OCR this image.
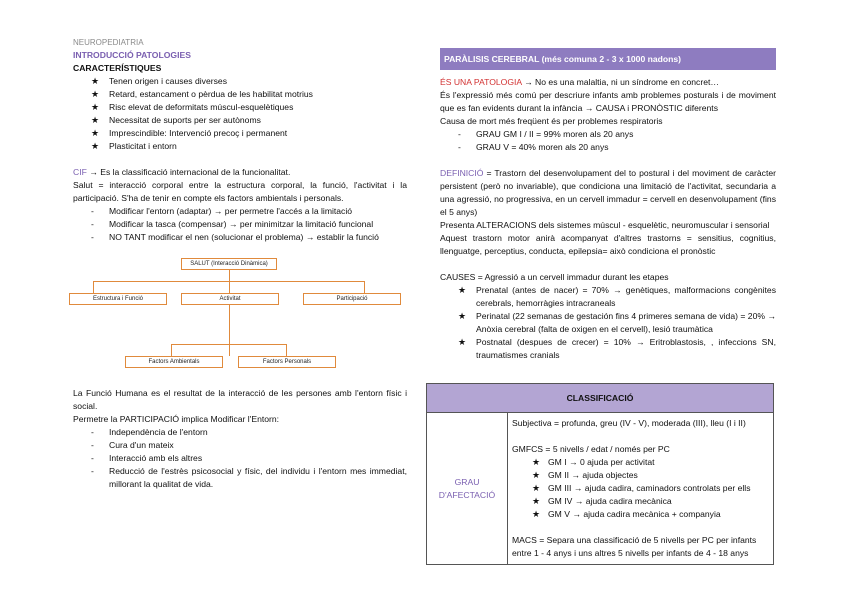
NEUROPEDIATRIA
INTRODUCCIÓ PATOLOGIES
CARACTERÍSTIQUES
★ Tenen origen i causes diverses
★ Retard, estancament o pèrdua de les habilitat motrius
★ Risc elevat de deformitats múscul-esquelètiques
★ Necessitat de suports per ser autònoms
★ Imprescindible: Intervenció precoç i permanent
★ Plasticitat i entorn
CIF → Es la classificació internacional de la funcionalitat.
Salut = interacció corporal entre la estructura corporal, la funció, l'activitat i la participació. S'ha de tenir en compte els factors ambientals i personals.
- Modificar l'entorn (adaptar) → per permetre l'accés a la limitació
- Modificar la tasca (compensar) → per minimitzar la limitació funcional
- NO TANT modificar el nen (solucionar el problema) → establir la funció
SALUT (Interacció Dinàmica)
Estructura i Funció	Activitat	Participació
Factors Ambientals	Factors Personals
La Funció Humana es el resultat de la interacció de les persones amb l'entorn físic i social.
Permetre la PARTICIPACIÓ implica Modificar l'Entorn:
- Independència de l'entorn
- Cura d'un mateix
- Interacció amb els altres
- Reducció de l'estrès psicosocial y físic, del individu i l'entorn mes immediat, millorant la qualitat de vida.
PARÀLISIS CEREBRAL (més comuna 2 - 3 x 1000 nadons)
ÉS UNA PATOLOGIA → No es una malaltia, ni un síndrome en concret…
És l'expressió més comú per descriure infants amb problemes posturals i de moviment que es fan evidents durant la infància → CAUSA i PRONÒSTIC diferents
Causa de mort més freqüent és per problemes respiratoris
- GRAU GM I / II = 99% moren als 20 anys
- GRAU V = 40% moren als 20 anys
DEFINICIÓ = Trastorn del desenvolupament del to postural i del moviment de caràcter persistent (però no invariable), que condiciona una limitació de l'activitat, secundaria a una agressió, no progressiva, en un cervell immadur = cervell en desenvolupament (fins el 5 anys)
Presenta ALTERACIONS dels sistemes múscul - esquelètic, neuromuscular i sensorial
Aquest trastorn motor anirà acompanyat d'altres trastorns = sensitius, cognitius, llenguatge, perceptius, conducta, epilepsia= això condiciona el pronòstic
CAUSES = Agressió a un cervell immadur durant les etapes
★ Prenatal (antes de nacer) = 70% → genètiques, malformacions congènites cerebrals, hemorràgies intracraneals
★ Perinatal (22 semanas de gestación fins 4 primeres semana de vida) = 20% → Anòxia cerebral (falta de oxigen en el cervell), lesió traumàtica
★ Postnatal (despues de crecer) = 10% → Eritroblastosis, , infeccions SN, traumatismes cranials
CLASSIFICACIÓ
GRAU D'AFECTACIÓ	
Subjectiva = profunda, greu (IV - V), moderada (III), lleu (I i II)
GMFCS = 5 nivells / edat / només per PC
★ GM I → 0 ajuda per activitat
★ GM II → ajuda objectes
★ GM III → ajuda cadira, caminadors controlats per ells
★ GM IV → ajuda cadira mecànica
★ GM V → ajuda cadira mecànica + companyia
MACS = Separa una classificació de 5 nivells per PC per infants entre 1 - 4 anys i uns altres 5 nivells per infants de 4 - 18 anys
